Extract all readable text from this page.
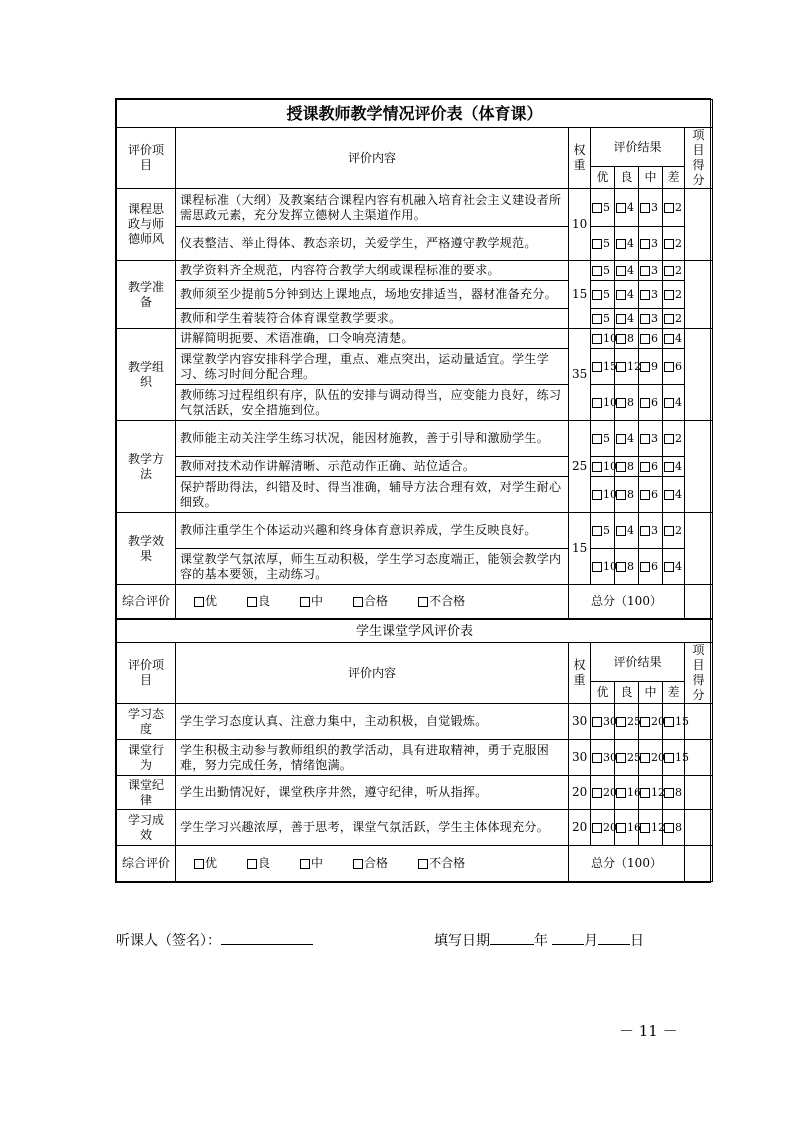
授课教师教学情况评价表（体育课）							
评价项目	评价内容	权重	评价结果				项目得分
			优	良	中	差	
课程思政与师德师风	课程标准（大纲）及教案结合课程内容有机融入培育社会主义建设者所需思政元素，充分发挥立德树人主渠道作用。	10	5	4	3	2	
	仪表整洁、举止得体、教态亲切，关爱学生，严格遵守教学规范。		5	4	3	2	
教学准备	教学资料齐全规范，内容符合教学大纲或课程标准的要求。	15	5	4	3	2	
	教师须至少提前5分钟到达上课地点，场地安排适当，器材准备充分。		5	4	3	2	
	教师和学生着装符合体育课堂教学要求。		5	4	3	2	
教学组织	讲解简明扼要、术语准确，口令响亮清楚。	35	10	8	6	4	
	课堂教学内容安排科学合理，重点、难点突出，运动量适宜。学生学习、练习时间分配合理。		15	12	9	6	
	教师练习过程组织有序，队伍的安排与调动得当，应变能力良好，练习气氛活跃，安全措施到位。		10	8	6	4	
教学方法	教师能主动关注学生练习状况，能因材施教，善于引导和激励学生。	25	5	4	3	2	
	教师对技术动作讲解清晰、示范动作正确、站位适合。		10	8	6	4	
	保护帮助得法，纠错及时、得当准确，辅导方法合理有效，对学生耐心细致。		10	8	6	4	
教学效果	教师注重学生个体运动兴趣和终身体育意识养成，学生反映良好。	15	5	4	3	2	
	课堂教学气氛浓厚，师生互动积极，学生学习态度端正，能领会教学内容的基本要领，主动练习。		10	8	6	4	
综合评价	优 良 中 合格 不合格	总分（100）					
学生课堂学风评价表							
评价项目	评价内容	权重	评价结果				项目得分
			优	良	中	差	
学习态度	学生学习态度认真、注意力集中，主动积极，自觉锻炼。	30	30	25	20	15	
课堂行为	学生积极主动参与教师组织的教学活动，具有进取精神，勇于克服困难，努力完成任务，情绪饱满。	30	30	25	20	15	
课堂纪律	学生出勤情况好，课堂秩序井然，遵守纪律，听从指挥。	20	20	16	12	8	
学习成效	学生学习兴趣浓厚，善于思考，课堂气氛活跃，学生主体体现充分。	20	20	16	12	8	
综合评价	优 良 中 合格 不合格	总分（100）					
听课人（签名）：	填写日期	年	月 日
－ 11 －
